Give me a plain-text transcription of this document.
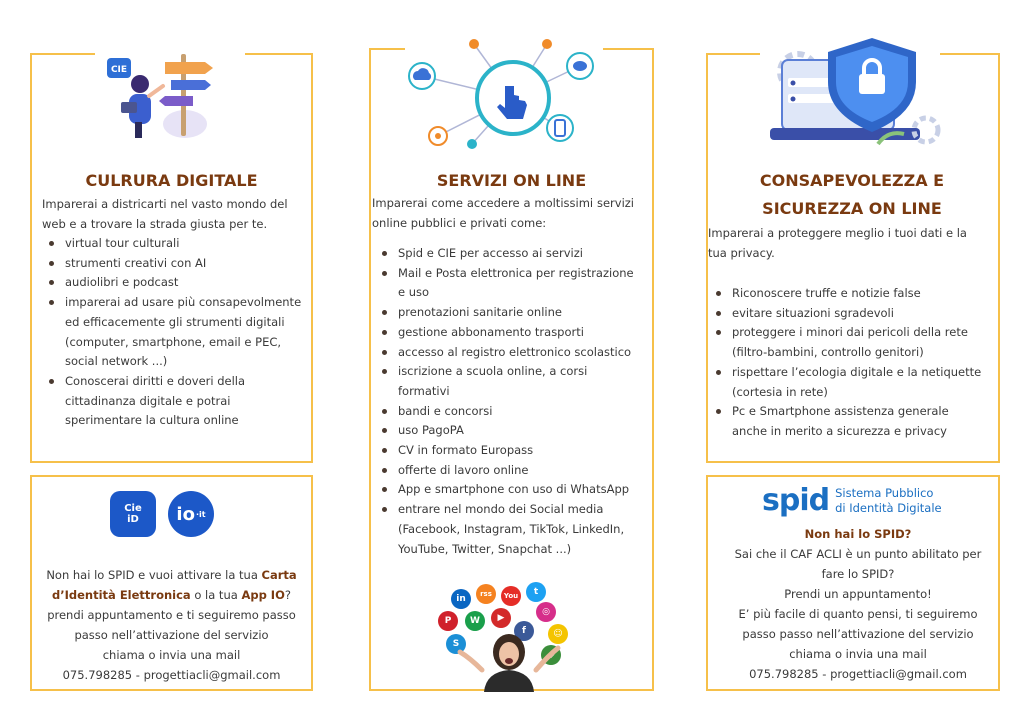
CIE
CULRURA DIGITALE
Imparerai a districarti nel vasto mondo del web e a trovare la strada giusta per te.
virtual tour culturali
strumenti creativi con AI
audiolibri e podcast
imparerai ad usare più consapevolmente ed efficacemente gli strumenti digitali (computer, smartphone, email e PEC, social network ...)
Conoscerai diritti e doveri della cittadinanza digitale e potrai sperimentare la cultura online
Cie iD io ·it
Non hai lo SPID e vuoi attivare la tua Carta d’Identità Elettronica o la tua App IO? prendi appuntamento e ti seguiremo passo passo nell’attivazione del servizio
chiama o invia una mail
075.798285 - progettiacli@gmail.com
SERVIZI ON LINE
Imparerai come accedere a moltissimi servizi online pubblici e privati come:
Spid e CIE per accesso ai servizi
Mail e Posta elettronica per registrazione e uso
prenotazioni sanitarie online
gestione abbonamento trasporti
accesso al registro elettronico scolastico
iscrizione a scuola online, a corsi formativi
bandi e concorsi
uso PagoPA
CV in formato Europass
offerte di lavoro online
App e smartphone con uso di WhatsApp
entrare nel mondo dei Social media (Facebook, Instagram, TikTok, LinkedIn, YouTube, Twitter, Snapchat ...)
in	rss	You	t
P	W	▶
◎
S
f	☺
◆
CONSAPEVOLEZZA E
SICUREZZA ON LINE
Imparerai a proteggere meglio i tuoi dati e la tua privacy.
Riconoscere truffe e notizie false
evitare situazioni sgradevoli
proteggere i minori dai pericoli della rete (filtro-bambini, controllo genitori)
rispettare l’ecologia digitale e la netiquette (cortesia in rete)
Pc e Smartphone assistenza generale anche in merito a sicurezza e privacy
spid Sistema Pubblico
di Identità Digitale
Non hai lo SPID?
Sai che il CAF ACLI è un punto abilitato per fare lo SPID?
Prendi un appuntamento!
E’ più facile di quanto pensi, ti seguiremo passo passo nell’attivazione del servizio
chiama o invia una mail
075.798285 - progettiacli@gmail.com
